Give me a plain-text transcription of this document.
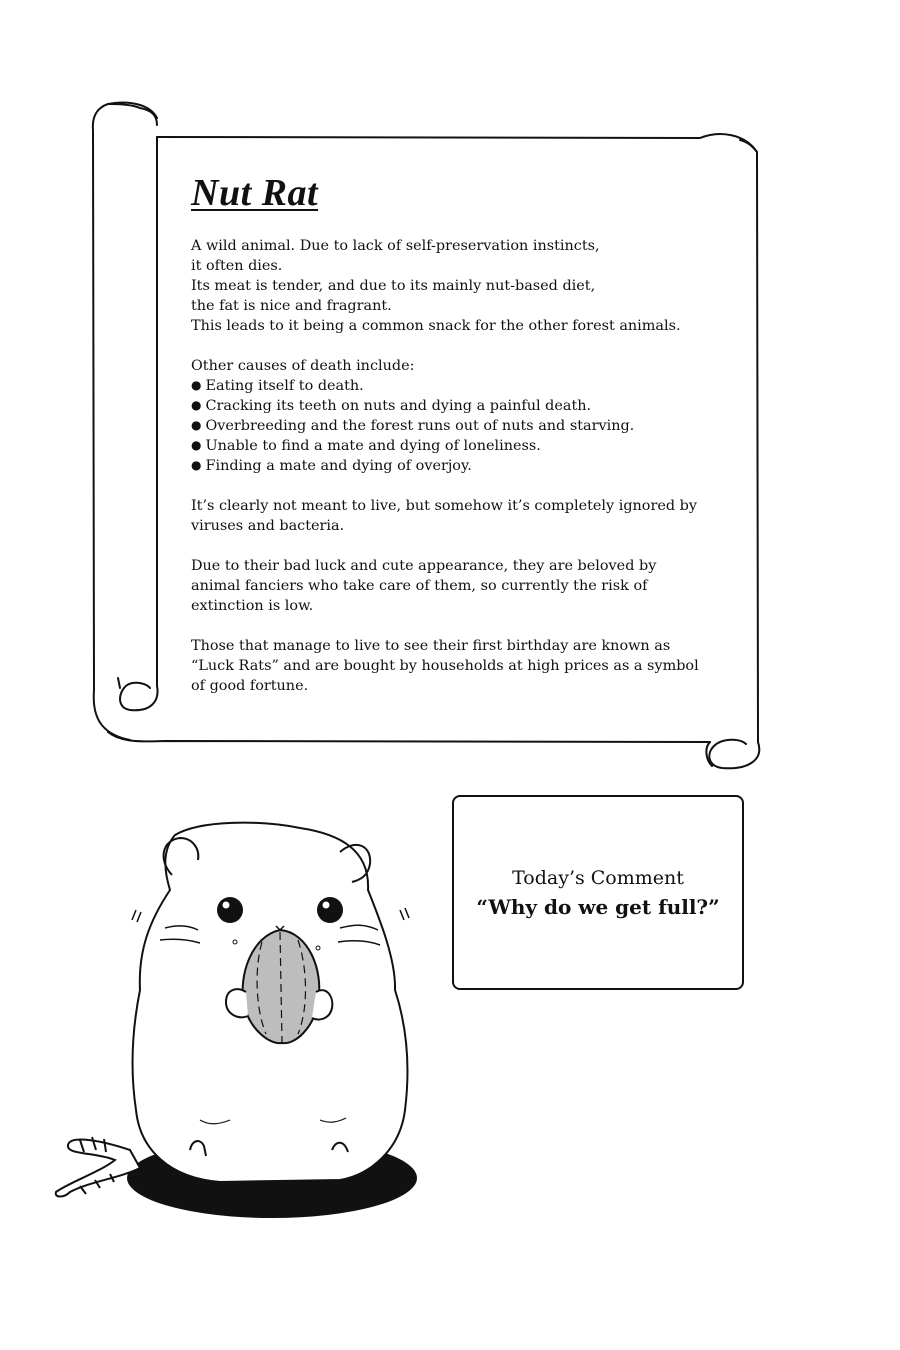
Nut Rat
A wild animal. Due to lack of self-preservation instincts,
it often dies.
Its meat is tender, and due to its mainly nut-based diet,
the fat is nice and fragrant.
This leads to it being a common snack for the other forest animals.
Other causes of death include:
● Eating itself to death.
● Cracking its teeth on nuts and dying a painful death.
● Overbreeding and the forest runs out of nuts and starving.
● Unable to find a mate and dying of loneliness.
● Finding a mate and dying of overjoy.
It’s clearly not meant to live, but somehow it’s completely ignored by
viruses and bacteria.
Due to their bad luck and cute appearance, they are beloved by
animal fanciers who take care of them, so currently the risk of
extinction is low.
Those that manage to live to see their first birthday are known as
“Luck Rats” and are bought by households at high prices as a symbol
of good fortune.
Today’s Comment
“Why do we get full?”
